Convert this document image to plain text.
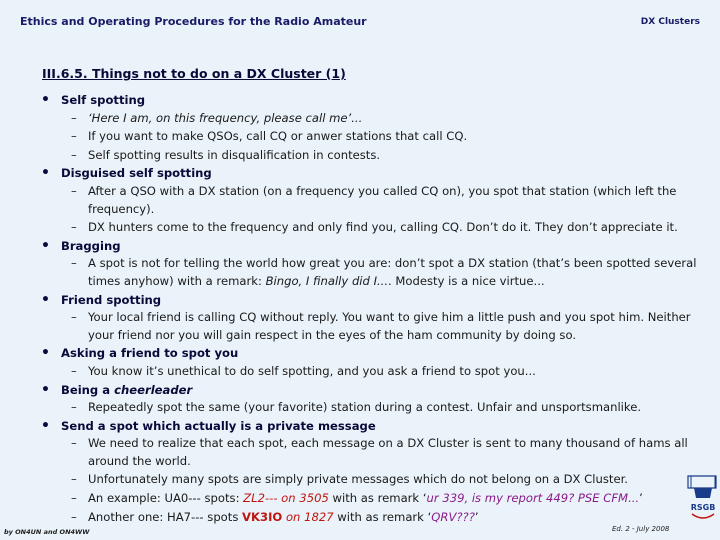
Ethics and Operating Procedures for the Radio Amateur	DX Clusters
III.6.5. Things not to do on a DX Cluster (1)
• Self spotting
– ‘Here I am, on this frequency, please call me’...
– If you want to make QSOs, call CQ or anwer stations that call CQ.
– Self spotting results in disqualification in contests.
• Disguised self spotting
– After a QSO with a DX station (on a frequency you called CQ on), you spot that station (which left the frequency).
– DX hunters come to the frequency and only find you, calling CQ. Don’t do it. They don’t appreciate it.
• Bragging
– A spot is not for telling the world how great you are: don’t spot a DX station (that’s been spotted several times anyhow) with a remark: Bingo, I finally did I.... Modesty is a nice virtue...
• Friend spotting
– Your local friend is calling CQ without reply. You want to give him a little push and you spot him. Neither your friend nor you will gain respect in the eyes of the ham community by doing so.
• Asking a friend to spot you
– You know it’s unethical to do self spotting, and you ask a friend to spot you...
• Being a cheerleader
– Repeatedly spot the same (your favorite) station during a contest. Unfair and unsportsmanlike.
• Send a spot which actually is a private message
– We need to realize that each spot, each message on a DX Cluster is sent to many thousand of hams all around the world.
– Unfortunately many spots are simply private messages which do not belong on a DX Cluster.
– An example: UA0--- spots: ZL2--- on 3505 with as remark ‘ur 339, is my report 449? PSE CFM...’
– Another one: HA7--- spots VK3IO on 1827 with as remark ‘QRV???’
by ON4UN and ON4WW	Ed. 2 - July 2008
RSGB
